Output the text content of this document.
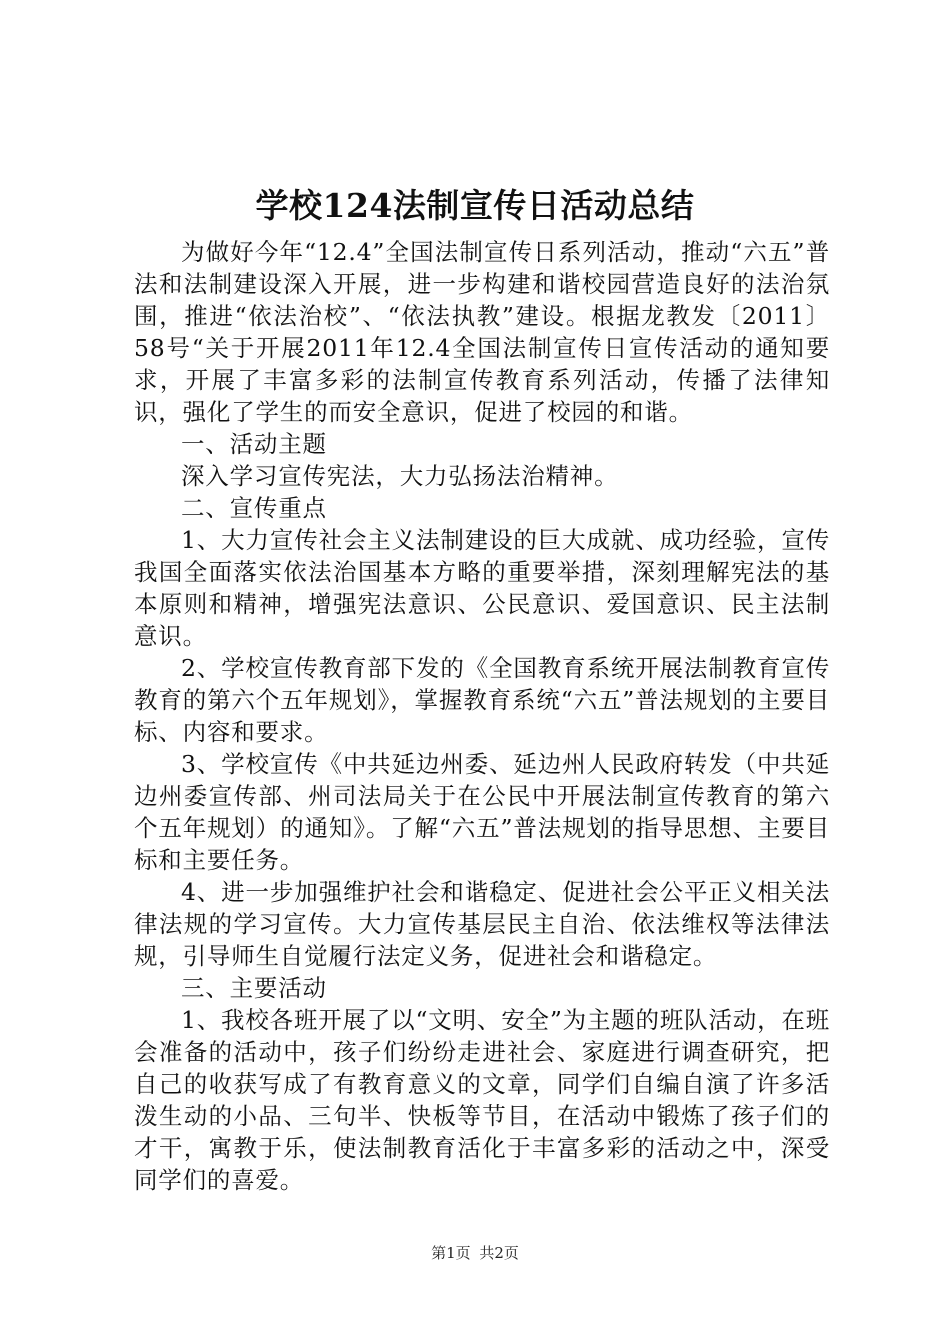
学校124法制宣传日活动总结

为做好今年“12.4”全国法制宣传日系列活动，推动“六五”普法和法制建设深入开展，进一步构建和谐校园营造良好的法治氛围，推进“依法治校”、“依法执教”建设。根据龙教发〔2011〕58号“关于开展2011年12.4全国法制宣传日宣传活动的通知要求，开展了丰富多彩的法制宣传教育系列活动，传播了法律知识，强化了学生的而安全意识，促进了校园的和谐。

一、活动主题

深入学习宣传宪法，大力弘扬法治精神。

二、宣传重点

1、大力宣传社会主义法制建设的巨大成就、成功经验，宣传我国全面落实依法治国基本方略的重要举措，深刻理解宪法的基本原则和精神，增强宪法意识、公民意识、爱国意识、民主法制意识。

2、学校宣传教育部下发的《全国教育系统开展法制教育宣传教育的第六个五年规划》，掌握教育系统“六五”普法规划的主要目标、内容和要求。

3、学校宣传《中共延边州委、延边州人民政府转发（中共延边州委宣传部、州司法局关于在公民中开展法制宣传教育的第六个五年规划）的通知》。了解“六五”普法规划的指导思想、主要目标和主要任务。

4、进一步加强维护社会和谐稳定、促进社会公平正义相关法律法规的学习宣传。大力宣传基层民主自治、依法维权等法律法规，引导师生自觉履行法定义务，促进社会和谐稳定。

三、主要活动

1、我校各班开展了以“文明、安全”为主题的班队活动，在班会准备的活动中，孩子们纷纷走进社会、家庭进行调查研究，把自己的收获写成了有教育意义的文章，同学们自编自演了许多活泼生动的小品、三句半、快板等节目，在活动中锻炼了孩子们的才干，寓教于乐，使法制教育活化于丰富多彩的活动之中，深受同学们的喜爱。

第1页 共2页
